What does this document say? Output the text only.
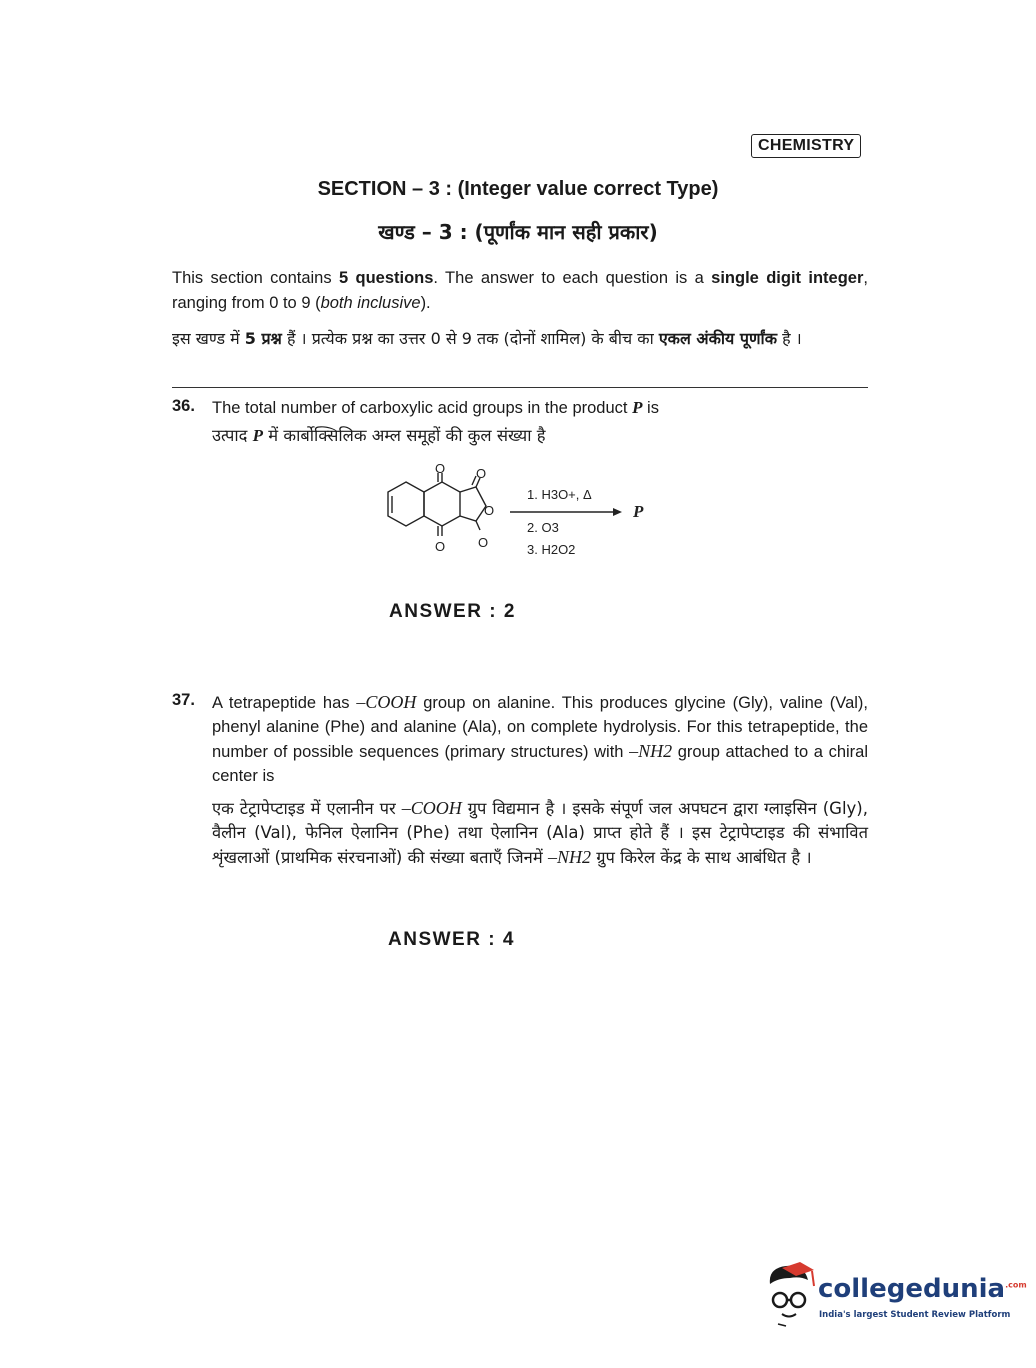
CHEMISTRY
SECTION – 3 : (Integer value correct Type)
खण्ड – 3 : (पूर्णांक मान सही प्रकार)
This section contains 5 questions. The answer to each question is a single digit integer, ranging from 0 to 9 (both inclusive).
इस खण्ड में 5 प्रश्न हैं । प्रत्येक प्रश्न का उत्तर 0 से 9 तक (दोनों शामिल) के बीच का एकल अंकीय पूर्णांक है ।
36. The total number of carboxylic acid groups in the product P is
उत्पाद P में कार्बोक्सिलिक अम्ल समूहों की कुल संख्या है
O O
O
O	O
1. H3O+, Δ
2. O3
3. H2O2
P
ANSWER : 2
37. A tetrapeptide has –COOH group on alanine. This produces glycine (Gly), valine (Val), phenyl alanine (Phe) and alanine (Ala), on complete hydrolysis. For this tetrapeptide, the number of possible sequences (primary structures) with –NH2 group attached to a chiral center is
एक टेट्रापेप्टाइड में एलानीन पर –COOH ग्रुप विद्यमान है । इसके संपूर्ण जल अपघटन द्वारा ग्लाइसिन (Gly), वैलीन (Val), फेनिल ऐलानिन (Phe) तथा ऐलानिन (Ala) प्राप्त होते हैं । इस टेट्रापेप्टाइड की संभावित शृंखलाओं (प्राथमिक संरचनाओं) की संख्या बताएँ जिनमें –NH2 ग्रुप किरेल केंद्र के साथ आबंधित है ।
ANSWER : 4
collegedunia$^{.com}$
India's largest Student Review Platform
